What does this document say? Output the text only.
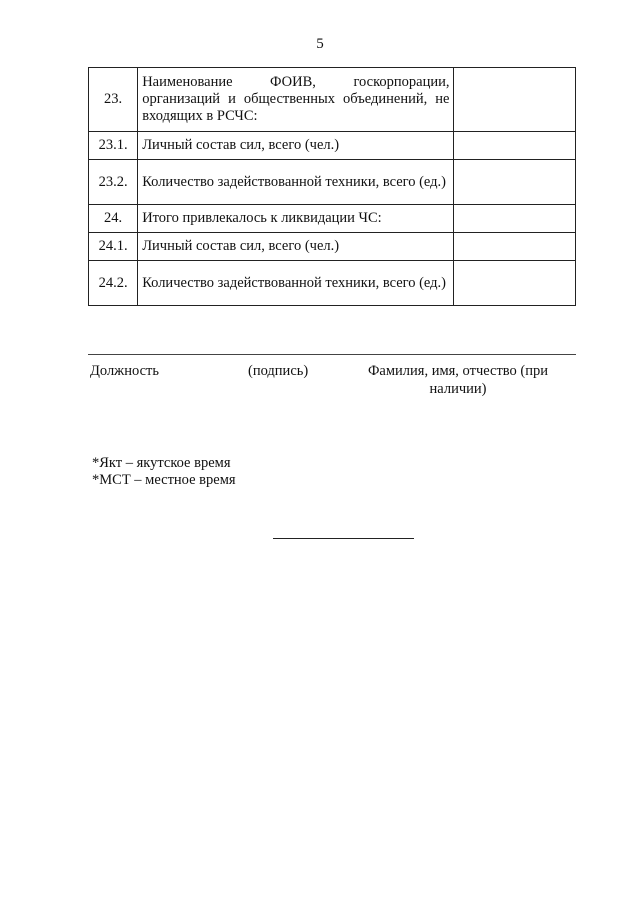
5
23.	Наименование ФОИВ, госкорпорации, организаций и общественных объединений, не входящих в РСЧС:	
23.1.	Личный состав сил, всего (чел.)	
23.2.	Количество задействованной техники, всего (ед.)	
24.	Итого привлекалось к ликвидации ЧС:	
24.1.	Личный состав сил, всего (чел.)	
24.2.	Количество задействованной техники, всего (ед.)	
Должность	(подпись)	Фамилия, имя, отчество (при наличии)
*Якт – якутское время
*МСТ – местное время
